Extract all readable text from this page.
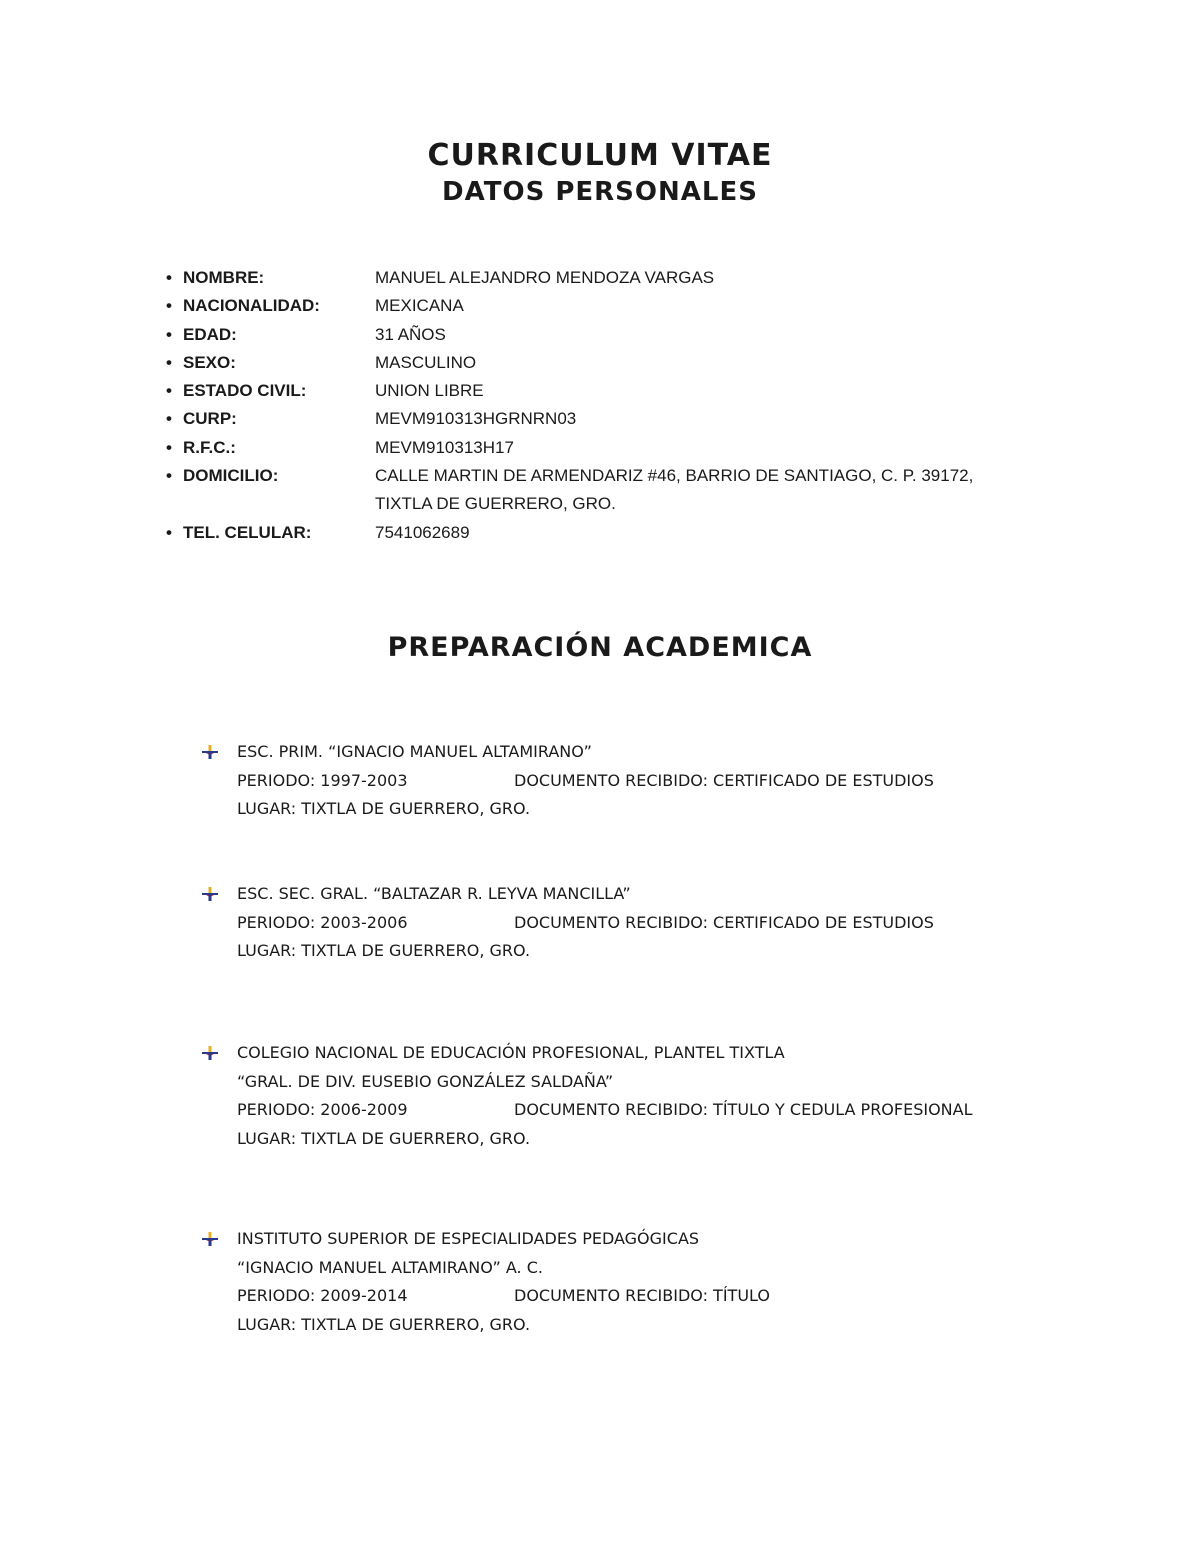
CURRICULUM VITAE
DATOS PERSONALES
• NOMBRE:	MANUEL ALEJANDRO MENDOZA VARGAS
• NACIONALIDAD:	MEXICANA
• EDAD:	31 AÑOS
• SEXO:	MASCULINO
• ESTADO CIVIL:	UNION LIBRE
• CURP:	MEVM910313HGRNRN03
• R.F.C.:	MEVM910313H17
• DOMICILIO:	CALLE MARTIN DE ARMENDARIZ #46, BARRIO DE SANTIAGO, C. P. 39172,
TIXTLA DE GUERRERO, GRO.
• TEL. CELULAR:	7541062689
PREPARACIÓN ACADEMICA
ESC. PRIM. “IGNACIO MANUEL ALTAMIRANO”
PERIODO: 1997-2003	DOCUMENTO RECIBIDO: CERTIFICADO DE ESTUDIOS
LUGAR: TIXTLA DE GUERRERO, GRO.
ESC. SEC. GRAL. “BALTAZAR R. LEYVA MANCILLA”
PERIODO: 2003-2006	DOCUMENTO RECIBIDO: CERTIFICADO DE ESTUDIOS
LUGAR: TIXTLA DE GUERRERO, GRO.
COLEGIO NACIONAL DE EDUCACIÓN PROFESIONAL, PLANTEL TIXTLA
“GRAL. DE DIV. EUSEBIO GONZÁLEZ SALDAÑA”
PERIODO: 2006-2009	DOCUMENTO RECIBIDO: TÍTULO Y CEDULA PROFESIONAL
LUGAR: TIXTLA DE GUERRERO, GRO.
INSTITUTO SUPERIOR DE ESPECIALIDADES PEDAGÓGICAS
“IGNACIO MANUEL ALTAMIRANO” A. C.
PERIODO: 2009-2014	DOCUMENTO RECIBIDO: TÍTULO
LUGAR: TIXTLA DE GUERRERO, GRO.
